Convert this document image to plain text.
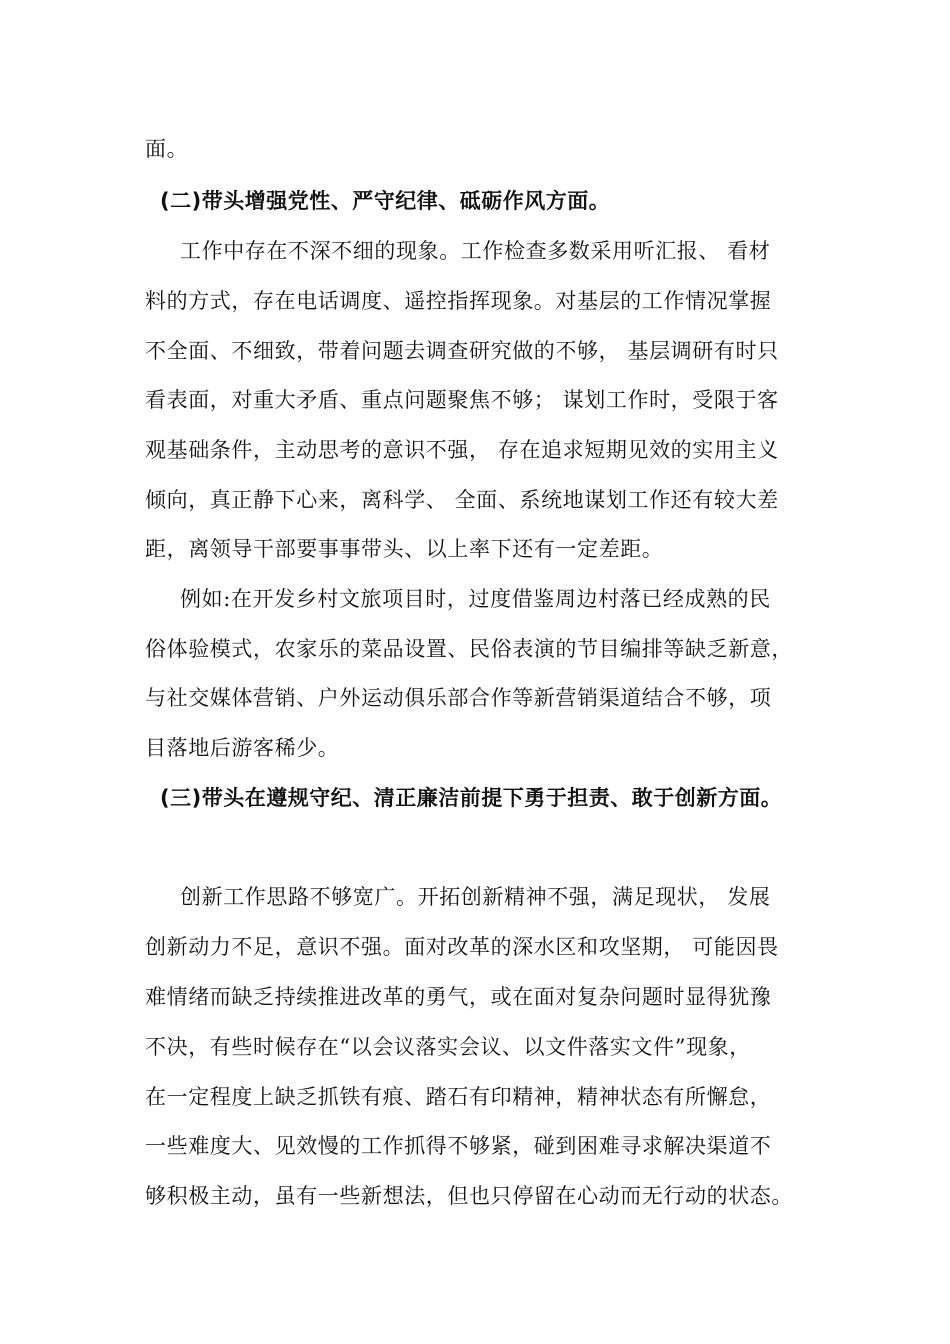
面。
(二)带头增强党性、严守纪律、砥砺作风方面。
工作中存在不深不细的现象。工作检查多数采用听汇报、 看材
料的方式，存在电话调度、遥控指挥现象。对基层的工作情况掌握
不全面、不细致，带着问题去调查研究做的不够， 基层调研有时只
看表面，对重大矛盾、重点问题聚焦不够； 谋划工作时，受限于客
观基础条件，主动思考的意识不强， 存在追求短期见效的实用主义
倾向，真正静下心来，离科学、 全面、系统地谋划工作还有较大差
距，离领导干部要事事带头、以上率下还有一定差距。
例如:在开发乡村文旅项目时，过度借鉴周边村落已经成熟的民
俗体验模式，农家乐的菜品设置、民俗表演的节目编排等缺乏新意，
与社交媒体营销、户外运动俱乐部合作等新营销渠道结合不够，项
目落地后游客稀少。
(三)带头在遵规守纪、清正廉洁前提下勇于担责、敢于创新方面。
创新工作思路不够宽广。开拓创新精神不强，满足现状， 发展
创新动力不足，意识不强。面对改革的深水区和攻坚期， 可能因畏
难情绪而缺乏持续推进改革的勇气，或在面对复杂问题时显得犹豫
不决，有些时候存在“以会议落实会议、以文件落实文件”现象，
在一定程度上缺乏抓铁有痕、踏石有印精神，精神状态有所懈怠，
一些难度大、见效慢的工作抓得不够紧，碰到困难寻求解决渠道不
够积极主动，虽有一些新想法，但也只停留在心动而无行动的状态。
